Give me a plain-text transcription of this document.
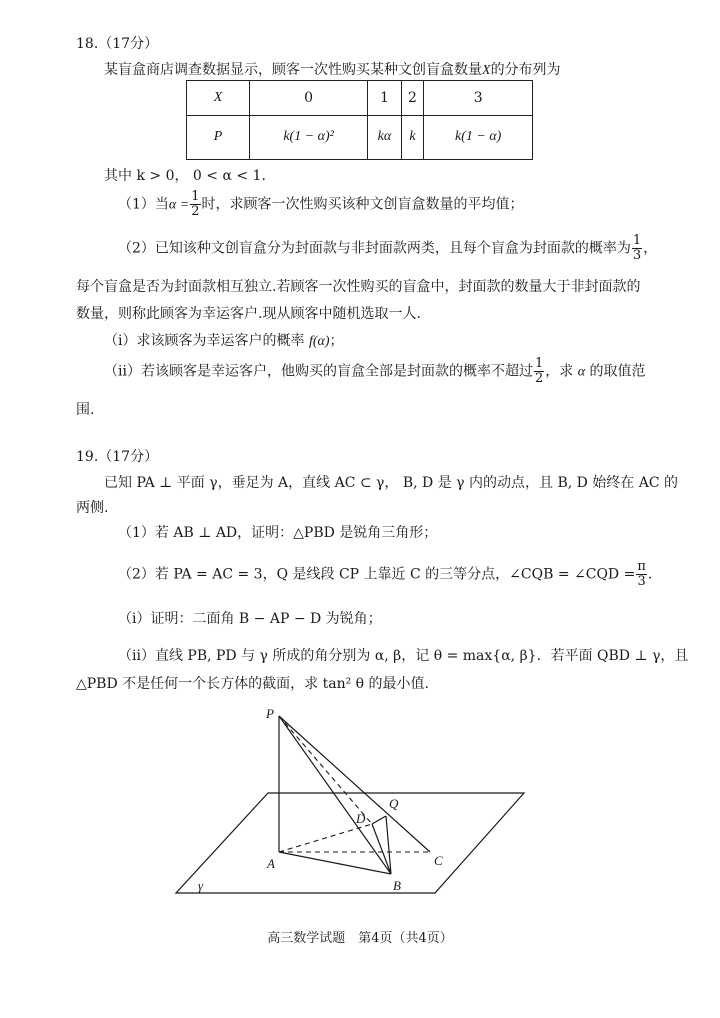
18.（17分）
某盲盒商店调查数据显示，顾客一次性购买某种文创盲盒数量X的分布列为
X	0	1	2	3
P	k(1 − α)²	kα	k	k(1 − α)
其中 k > 0， 0 < α < 1.
（1）当$\alpha = \frac{1}{2}$ 时，求顾客一次性购买该种文创盲盒数量的平均值；
（2）已知该种文创盲盒分为封面款与非封面款两类，且每个盲盒为封面款的概率为 $\frac{1}{3}$ ，
每个盲盒是否为封面款相互独立.若顾客一次性购买的盲盒中，封面款的数量大于非封面款的
数量，则称此顾客为幸运客户.现从顾客中随机选取一人.
（i）求该顾客为幸运客户的概率 f(α)；
（ii）若该顾客是幸运客户，他购买的盲盒全部是封面款的概率不超过 $\frac{1}{2}$ ，求 α 的取值范
围.
19.（17分）
已知 PA ⊥ 平面 γ，垂足为 A，直线 AC ⊂ γ， B, D 是 γ 内的动点，且 B, D 始终在 AC 的
两侧.
（1）若 AB ⊥ AD，证明：△PBD 是锐角三角形；
（2）若 PA = AC = 3，Q 是线段 CP 上靠近 C 的三等分点，∠CQB = ∠CQD = $\frac{\pi}{3}$ .
（i）证明：二面角 B − AP − D 为锐角；
（ii）直线 PB, PD 与 γ 所成的角分别为 α, β，记 θ = max{α, β}．若平面 QBD ⊥ γ，且
△PBD 不是任何一个长方体的截面，求 tan² θ 的最小值.
P
Q
D
A
B
C
γ
高三数学试题　第4页（共4页）
